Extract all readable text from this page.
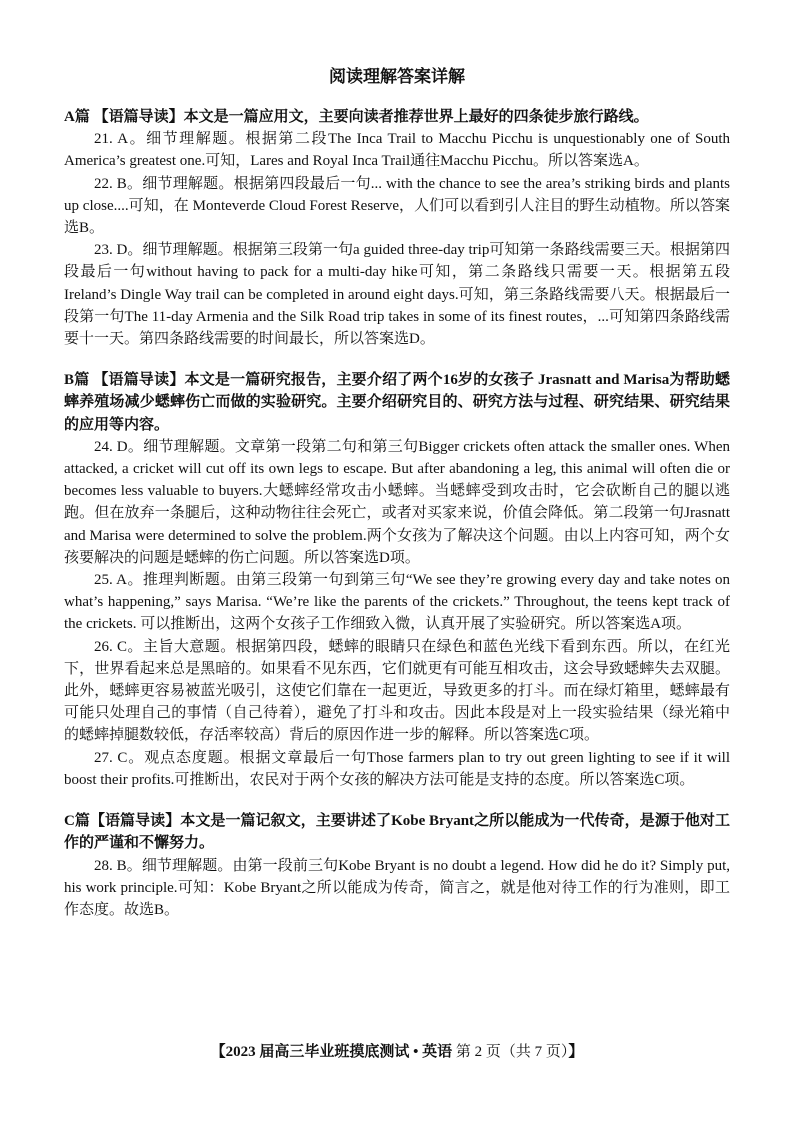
阅读理解答案详解

A篇 【语篇导读】本文是一篇应用文，主要向读者推荐世界上最好的四条徒步旅行路线。

21. A。细节理解题。根据第二段The Inca Trail to Macchu Picchu is unquestionably one of South America’s greatest one.可知，Lares and Royal Inca Trail通往Macchu Picchu。所以答案选A。

22. B。细节理解题。根据第四段最后一句... with the chance to see the area’s striking birds and plants up close....可知，在 Monteverde Cloud Forest Reserve，人们可以看到引人注目的野生动植物。所以答案选B。

23. D。细节理解题。根据第三段第一句a guided three-day trip可知第一条路线需要三天。根据第四段最后一句without having to pack for a multi-day hike可知，第二条路线只需要一天。根据第五段Ireland’s Dingle Way trail can be completed in around eight days.可知，第三条路线需要八天。根据最后一段第一句The 11-day Armenia and the Silk Road trip takes in some of its finest routes，...可知第四条路线需要十一天。第四条路线需要的时间最长，所以答案选D。

B篇 【语篇导读】本文是一篇研究报告，主要介绍了两个16岁的女孩子 Jrasnatt and Marisa为帮助蟋蟀养殖场减少蟋蟀伤亡而做的实验研究。主要介绍研究目的、研究方法与过程、研究结果、研究结果的应用等内容。

24. D。细节理解题。文章第一段第二句和第三句Bigger crickets often attack the smaller ones. When attacked, a cricket will cut off its own legs to escape. But after abandoning a leg, this animal will often die or becomes less valuable to buyers.大蟋蟀经常攻击小蟋蟀。当蟋蟀受到攻击时，它会砍断自己的腿以逃跑。但在放弃一条腿后，这种动物往往会死亡，或者对买家来说，价值会降低。第二段第一句Jrasnatt and Marisa were determined to solve the problem.两个女孩为了解决这个问题。由以上内容可知，两个女孩要解决的问题是蟋蟀的伤亡问题。所以答案选D项。

25. A。推理判断题。由第三段第一句到第三句“We see they’re growing every day and take notes on what’s happening,” says Marisa. “We’re like the parents of the crickets.” Throughout, the teens kept track of the crickets. 可以推断出，这两个女孩子工作细致入微，认真开展了实验研究。所以答案选A项。

26. C。主旨大意题。根据第四段，蟋蟀的眼睛只在绿色和蓝色光线下看到东西。所以，在红光下，世界看起来总是黑暗的。如果看不见东西，它们就更有可能互相攻击，这会导致蟋蟀失去双腿。此外，蟋蟀更容易被蓝光吸引，这使它们靠在一起更近，导致更多的打斗。而在绿灯箱里，蟋蟀最有可能只处理自己的事情（自己待着），避免了打斗和攻击。因此本段是对上一段实验结果（绿光箱中的蟋蟀掉腿数较低，存活率较高）背后的原因作进一步的解释。所以答案选C项。

27. C。观点态度题。根据文章最后一句Those farmers plan to try out green lighting to see if it will boost their profits.可推断出，农民对于两个女孩的解决方法可能是支持的态度。所以答案选C项。

C篇【语篇导读】本文是一篇记叙文，主要讲述了Kobe Bryant之所以能成为一代传奇，是源于他对工作的严谨和不懈努力。

28. B。细节理解题。由第一段前三句Kobe Bryant is no doubt a legend. How did he do it? Simply put, his work principle.可知：Kobe Bryant之所以能成为传奇，简言之，就是他对待工作的行为准则，即工作态度。故选B。

【2023 届高三毕业班摸底测试 • 英语 第 2 页（共 7 页）】
